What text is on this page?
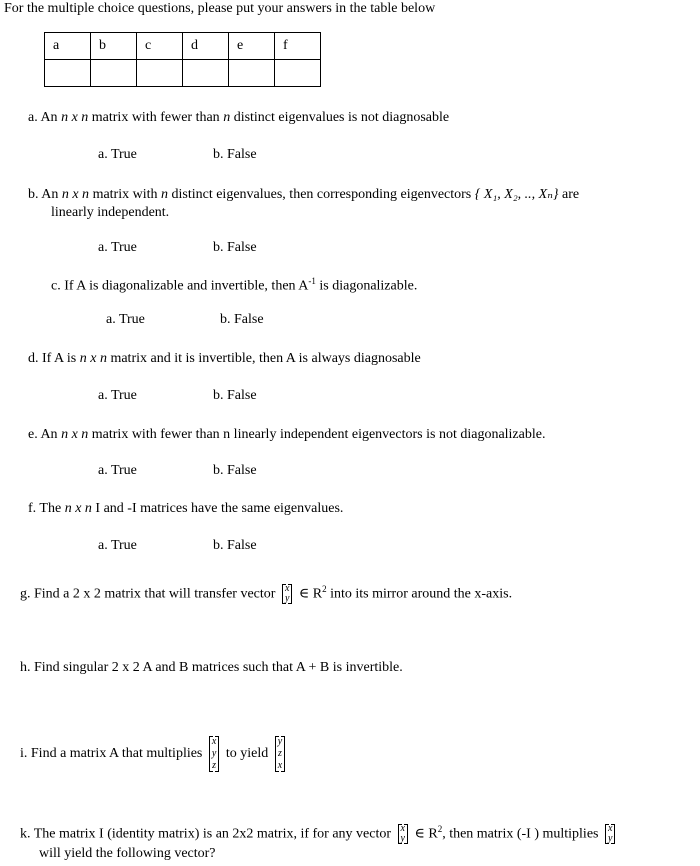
For the multiple choice questions, please put your answers in the table below
a	b	c	d	e	f

a. An n x n matrix with fewer than n distinct eigenvalues is not diagnosable
a. True	b. False
b. An n x n matrix with n distinct eigenvalues, then corresponding eigenvectors { X₁, X₂, .., Xₙ} are
linearly independent.
a. True	b. False
c. If A is diagonalizable and invertible, then $A^{-1}$ is diagonalizable.
a. True	b. False
d. If A is n x n matrix and it is invertible, then A is always diagnosable
a. True	b. False
e. An n x n matrix with fewer than n linearly independent eigenvectors is not diagonalizable.
a. True	b. False
f. The n x n I and -I matrices have the same eigenvalues.
a. True	b. False
g. Find a 2 x 2 matrix that will transfer vector x
y ∈ $R^2$ into its mirror around the x-axis.
h. Find singular 2 x 2 A and B matrices such that A + B is invertible.
i. Find a matrix A that multiplies
x
y
z
to yield
y
z
x
k. The matrix I (identity matrix) is an 2x2 matrix, if for any vector x
y ∈ $R^2$, then matrix (-I ) multiplies x
y
will yield the following vector?
